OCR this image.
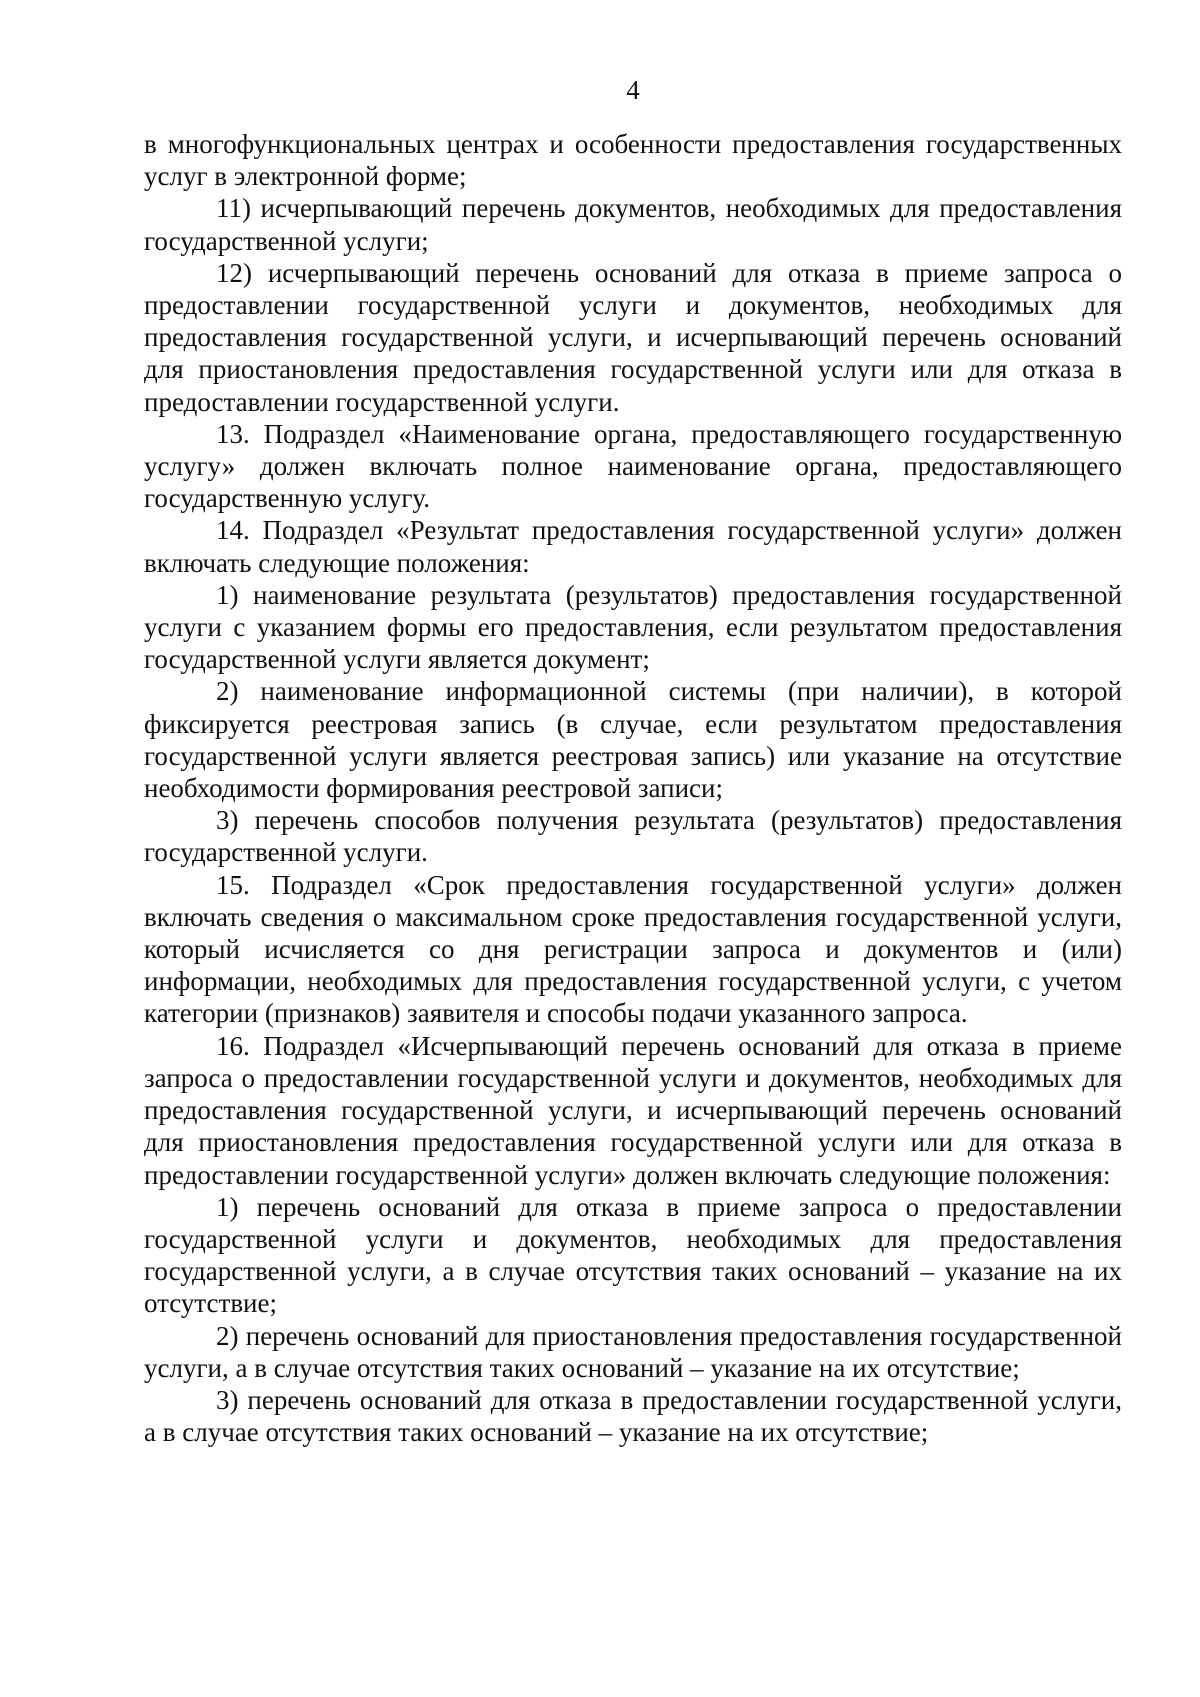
4

в многофункциональных центрах и особенности предоставления государственных услуг в электронной форме;

11) исчерпывающий перечень документов, необходимых для предоставления государственной услуги;

12) исчерпывающий перечень оснований для отказа в приеме запроса о предоставлении государственной услуги и документов, необходимых для предоставления государственной услуги, и исчерпывающий перечень оснований для приостановления предоставления государственной услуги или для отказа в предоставлении государственной услуги.

13. Подраздел «Наименование органа, предоставляющего государственную услугу» должен включать полное наименование органа, предоставляющего государственную услугу.

14. Подраздел «Результат предоставления государственной услуги» должен включать следующие положения:

1) наименование результата (результатов) предоставления государственной услуги с указанием формы его предоставления, если результатом предоставления государственной услуги является документ;

2) наименование информационной системы (при наличии), в которой фиксируется реестровая запись (в случае, если результатом предоставления государственной услуги является реестровая запись) или указание на отсутствие необходимости формирования реестровой записи;

3) перечень способов получения результата (результатов) предоставления государственной услуги.

15. Подраздел «Срок предоставления государственной услуги» должен включать сведения о максимальном сроке предоставления государственной услуги, который исчисляется со дня регистрации запроса и документов и (или) информации, необходимых для предоставления государственной услуги, с учетом категории (признаков) заявителя и способы подачи указанного запроса.

16. Подраздел «Исчерпывающий перечень оснований для отказа в приеме запроса о предоставлении государственной услуги и документов, необходимых для предоставления государственной услуги, и исчерпывающий перечень оснований для приостановления предоставления государственной услуги или для отказа в предоставлении государственной услуги» должен включать следующие положения:

1) перечень оснований для отказа в приеме запроса о предоставлении государственной услуги и документов, необходимых для предоставления государственной услуги, а в случае отсутствия таких оснований – указание на их отсутствие;

2) перечень оснований для приостановления предоставления государственной услуги, а в случае отсутствия таких оснований – указание на их отсутствие;

3) перечень оснований для отказа в предоставлении государственной услуги, а в случае отсутствия таких оснований – указание на их отсутствие;
